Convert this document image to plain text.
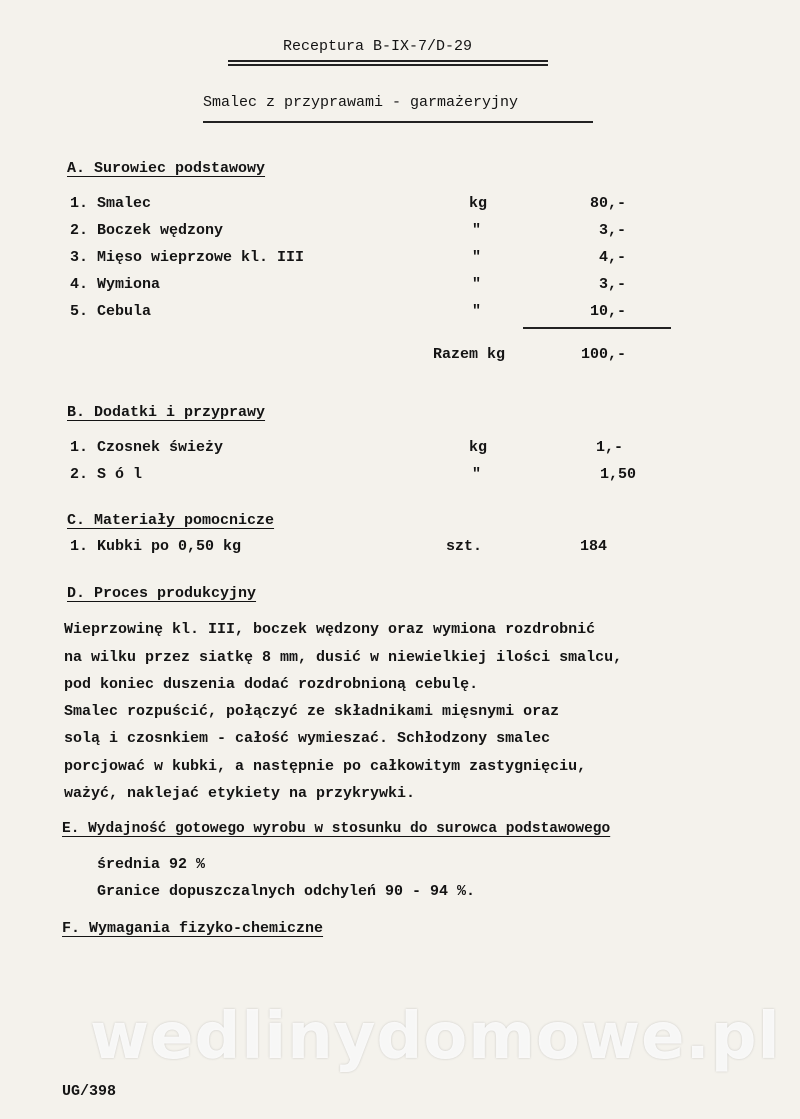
Receptura B-IX-7/D-29
Smalec z przyprawami - garmażeryjny
A. Surowiec podstawowy
1. Smalec	kg	80,-
2. Boczek wędzony	"	3,-
3. Mięso wieprzowe kl. III	"	4,-
4. Wymiona	"	3,-
5. Cebula	"	10,-
Razem kg	100,-
B. Dodatki i przyprawy
1. Czosnek świeży	kg	1,-
2. S ó l	"	1,50
C. Materiały pomocnicze
1. Kubki po 0,50 kg	szt.	184
D. Proces produkcyjny
Wieprzowinę kl. III, boczek wędzony oraz wymiona rozdrobnić
na wilku przez siatkę 8 mm, dusić w niewielkiej ilości smalcu,
pod koniec duszenia dodać rozdrobnioną cebulę.
Smalec rozpuścić, połączyć ze składnikami mięsnymi oraz
solą i czosnkiem - całość wymieszać. Schłodzony smalec
porcjować w kubki, a następnie po całkowitym zastygnięciu,
ważyć, naklejać etykiety na przykrywki.
E. Wydajność gotowego wyrobu w stosunku do surowca podstawowego
średnia 92 %
Granice dopuszczalnych odchyleń 90 - 94 %.
F. Wymagania fizyko-chemiczne
wedlinydomowe.pl
UG/398
